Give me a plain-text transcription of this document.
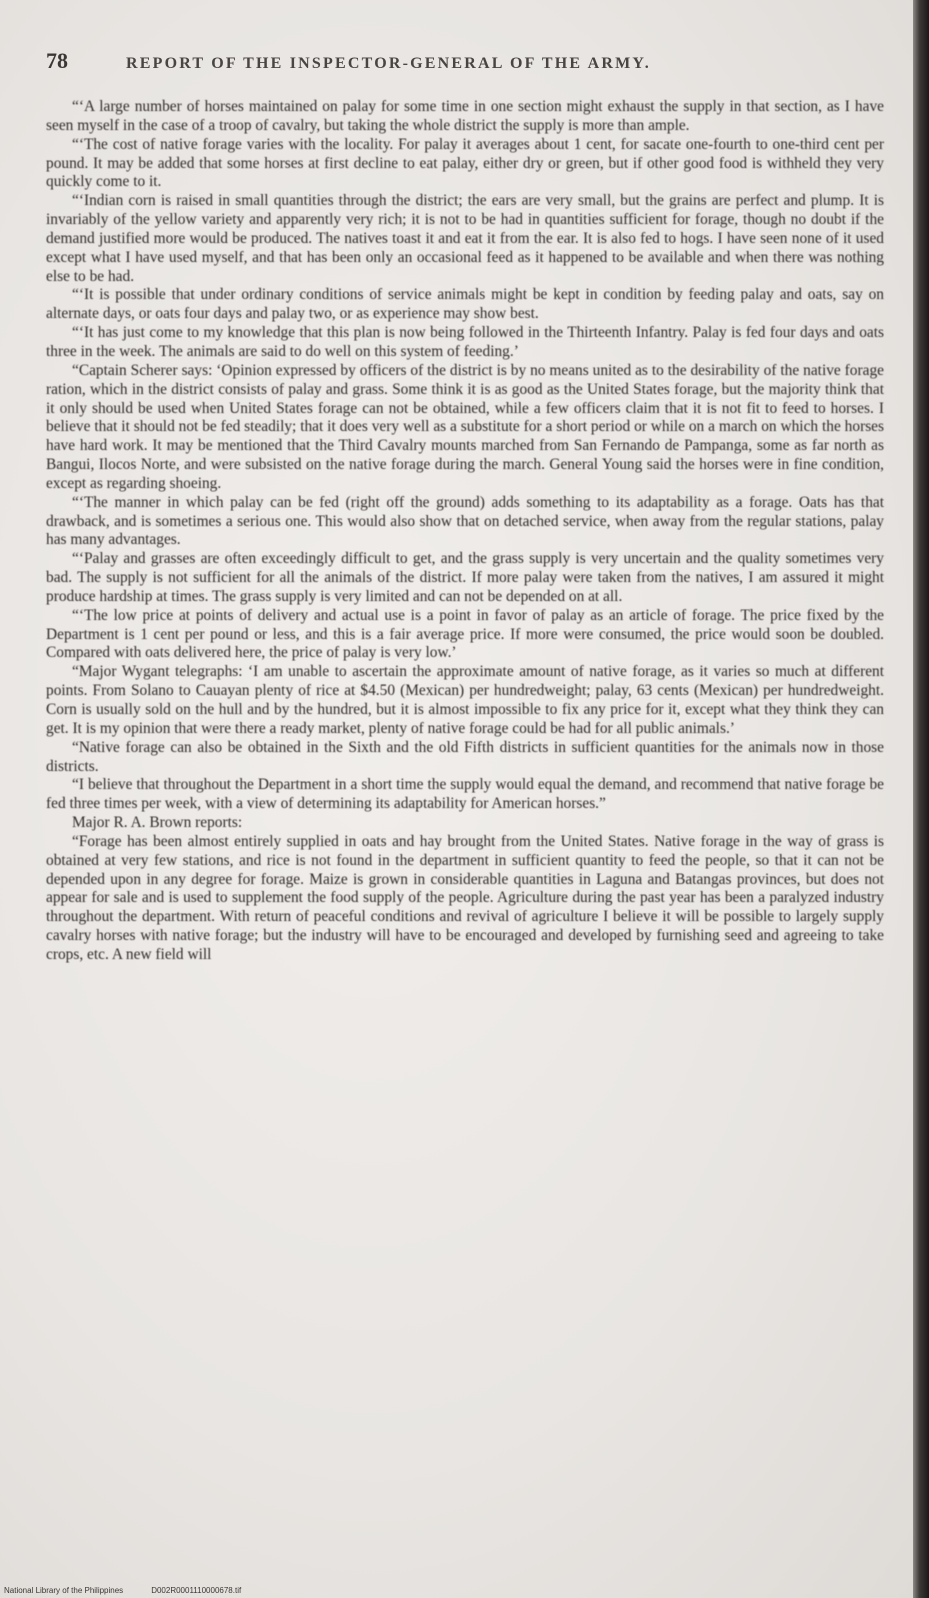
78	REPORT OF THE INSPECTOR-GENERAL OF THE ARMY.

“‘A large number of horses maintained on palay for some time in one section might exhaust the supply in that section, as I have seen myself in the case of a troop of cavalry, but taking the whole district the supply is more than ample.

“‘The cost of native forage varies with the locality. For palay it averages about 1 cent, for sacate one-fourth to one-third cent per pound. It may be added that some horses at first decline to eat palay, either dry or green, but if other good food is withheld they very quickly come to it.

“‘Indian corn is raised in small quantities through the district; the ears are very small, but the grains are perfect and plump. It is invariably of the yellow variety and apparently very rich; it is not to be had in quantities sufficient for forage, though no doubt if the demand justified more would be produced. The natives toast it and eat it from the ear. It is also fed to hogs. I have seen none of it used except what I have used myself, and that has been only an occasional feed as it happened to be available and when there was nothing else to be had.

“‘It is possible that under ordinary conditions of service animals might be kept in condition by feeding palay and oats, say on alternate days, or oats four days and palay two, or as experience may show best.

“‘It has just come to my knowledge that this plan is now being followed in the Thirteenth Infantry. Palay is fed four days and oats three in the week. The animals are said to do well on this system of feeding.’

“Captain Scherer says: ‘Opinion expressed by officers of the district is by no means united as to the desirability of the native forage ration, which in the district consists of palay and grass. Some think it is as good as the United States forage, but the majority think that it only should be used when United States forage can not be obtained, while a few officers claim that it is not fit to feed to horses. I believe that it should not be fed steadily; that it does very well as a substitute for a short period or while on a march on which the horses have hard work. It may be mentioned that the Third Cavalry mounts marched from San Fernando de Pampanga, some as far north as Bangui, Ilocos Norte, and were subsisted on the native forage during the march. General Young said the horses were in fine condition, except as regarding shoeing.

“‘The manner in which palay can be fed (right off the ground) adds something to its adaptability as a forage. Oats has that drawback, and is sometimes a serious one. This would also show that on detached service, when away from the regular stations, palay has many advantages.

“‘Palay and grasses are often exceedingly difficult to get, and the grass supply is very uncertain and the quality sometimes very bad. The supply is not sufficient for all the animals of the district. If more palay were taken from the natives, I am assured it might produce hardship at times. The grass supply is very limited and can not be depended on at all.

“‘The low price at points of delivery and actual use is a point in favor of palay as an article of forage. The price fixed by the Department is 1 cent per pound or less, and this is a fair average price. If more were consumed, the price would soon be doubled. Compared with oats delivered here, the price of palay is very low.’

“Major Wygant telegraphs: ‘I am unable to ascertain the approximate amount of native forage, as it varies so much at different points. From Solano to Cauayan plenty of rice at $4.50 (Mexican) per hundredweight; palay, 63 cents (Mexican) per hundredweight. Corn is usually sold on the hull and by the hundred, but it is almost impossible to fix any price for it, except what they think they can get. It is my opinion that were there a ready market, plenty of native forage could be had for all public animals.’

“Native forage can also be obtained in the Sixth and the old Fifth districts in sufficient quantities for the animals now in those districts.

“I believe that throughout the Department in a short time the supply would equal the demand, and recommend that native forage be fed three times per week, with a view of determining its adaptability for American horses.”

Major R. A. Brown reports:

“Forage has been almost entirely supplied in oats and hay brought from the United States. Native forage in the way of grass is obtained at very few stations, and rice is not found in the department in sufficient quantity to feed the people, so that it can not be depended upon in any degree for forage. Maize is grown in considerable quantities in Laguna and Batangas provinces, but does not appear for sale and is used to supplement the food supply of the people. Agriculture during the past year has been a paralyzed industry throughout the department. With return of peaceful conditions and revival of agriculture I believe it will be possible to largely supply cavalry horses with native forage; but the industry will have to be encouraged and developed by furnishing seed and agreeing to take crops, etc. A new field will

National Library of the Philippines	D002R0001110000678.tif
